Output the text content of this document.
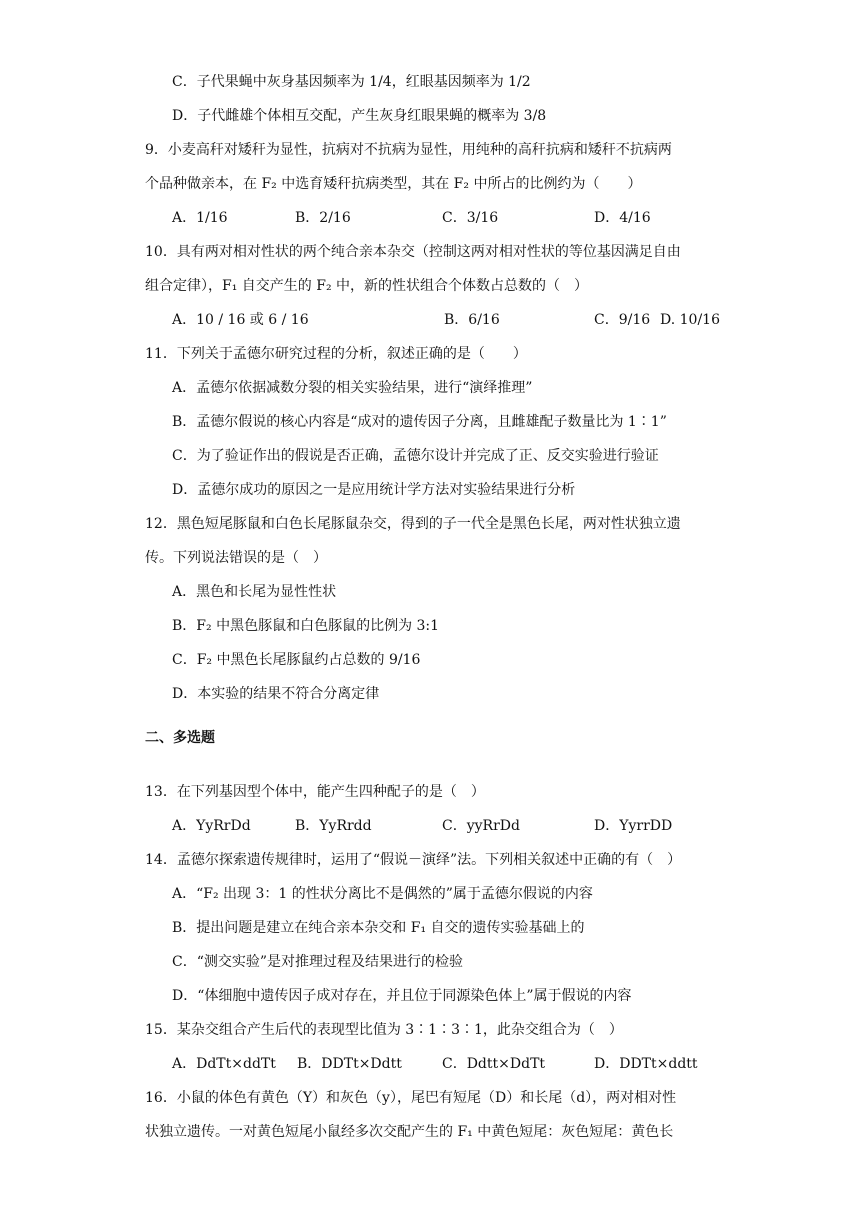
C．子代果蝇中灰身基因频率为 1/4，红眼基因频率为 1/2
D．子代雌雄个体相互交配，产生灰身红眼果蝇的概率为 3/8
9．小麦高秆对矮秆为显性，抗病对不抗病为显性，用纯种的高秆抗病和矮秆不抗病两
个品种做亲本，在 F₂ 中选育矮秆抗病类型，其在 F₂ 中所占的比例约为（　　）
A．1/16	B．2/16	C．3/16	D．4/16
10．具有两对相对性状的两个纯合亲本杂交（控制这两对相对性状的等位基因满足自由
组合定律），F₁ 自交产生的 F₂ 中，新的性状组合个体数占总数的（　）
A．10 / 16 或 6 / 16	B．6/16	C．9/16 D. 10/16
11．下列关于孟德尔研究过程的分析，叙述正确的是（　　）
A．孟德尔依据减数分裂的相关实验结果，进行“演绎推理”
B．孟德尔假说的核心内容是“成对的遗传因子分离，且雌雄配子数量比为 1∶1”
C．为了验证作出的假说是否正确，孟德尔设计并完成了正、反交实验进行验证
D．孟德尔成功的原因之一是应用统计学方法对实验结果进行分析
12．黑色短尾豚鼠和白色长尾豚鼠杂交，得到的子一代全是黑色长尾，两对性状独立遗
传。下列说法错误的是（　）
A．黑色和长尾为显性性状
B．F₂ 中黑色豚鼠和白色豚鼠的比例为 3:1
C．F₂ 中黑色长尾豚鼠约占总数的 9/16
D．本实验的结果不符合分离定律
二、多选题
13．在下列基因型个体中，能产生四种配子的是（　）
A．YyRrDd	B．YyRrdd	C．yyRrDd	D．YyrrDD
14．孟德尔探索遗传规律时，运用了“假说－演绎”法。下列相关叙述中正确的有（　）
A．“F₂ 出现 3：1 的性状分离比不是偶然的”属于孟德尔假说的内容
B．提出问题是建立在纯合亲本杂交和 F₁ 自交的遗传实验基础上的
C．“测交实验”是对推理过程及结果进行的检验
D．“体细胞中遗传因子成对存在，并且位于同源染色体上”属于假说的内容
15．某杂交组合产生后代的表现型比值为 3∶1∶3∶1，此杂交组合为（　）
A．DdTt×ddTt B．DDTt×Ddtt	C．Ddtt×DdTt	D．DDTt×ddtt
16．小鼠的体色有黄色（Y）和灰色（y），尾巴有短尾（D）和长尾（d），两对相对性
状独立遗传。一对黄色短尾小鼠经多次交配产生的 F₁ 中黄色短尾：灰色短尾：黄色长
